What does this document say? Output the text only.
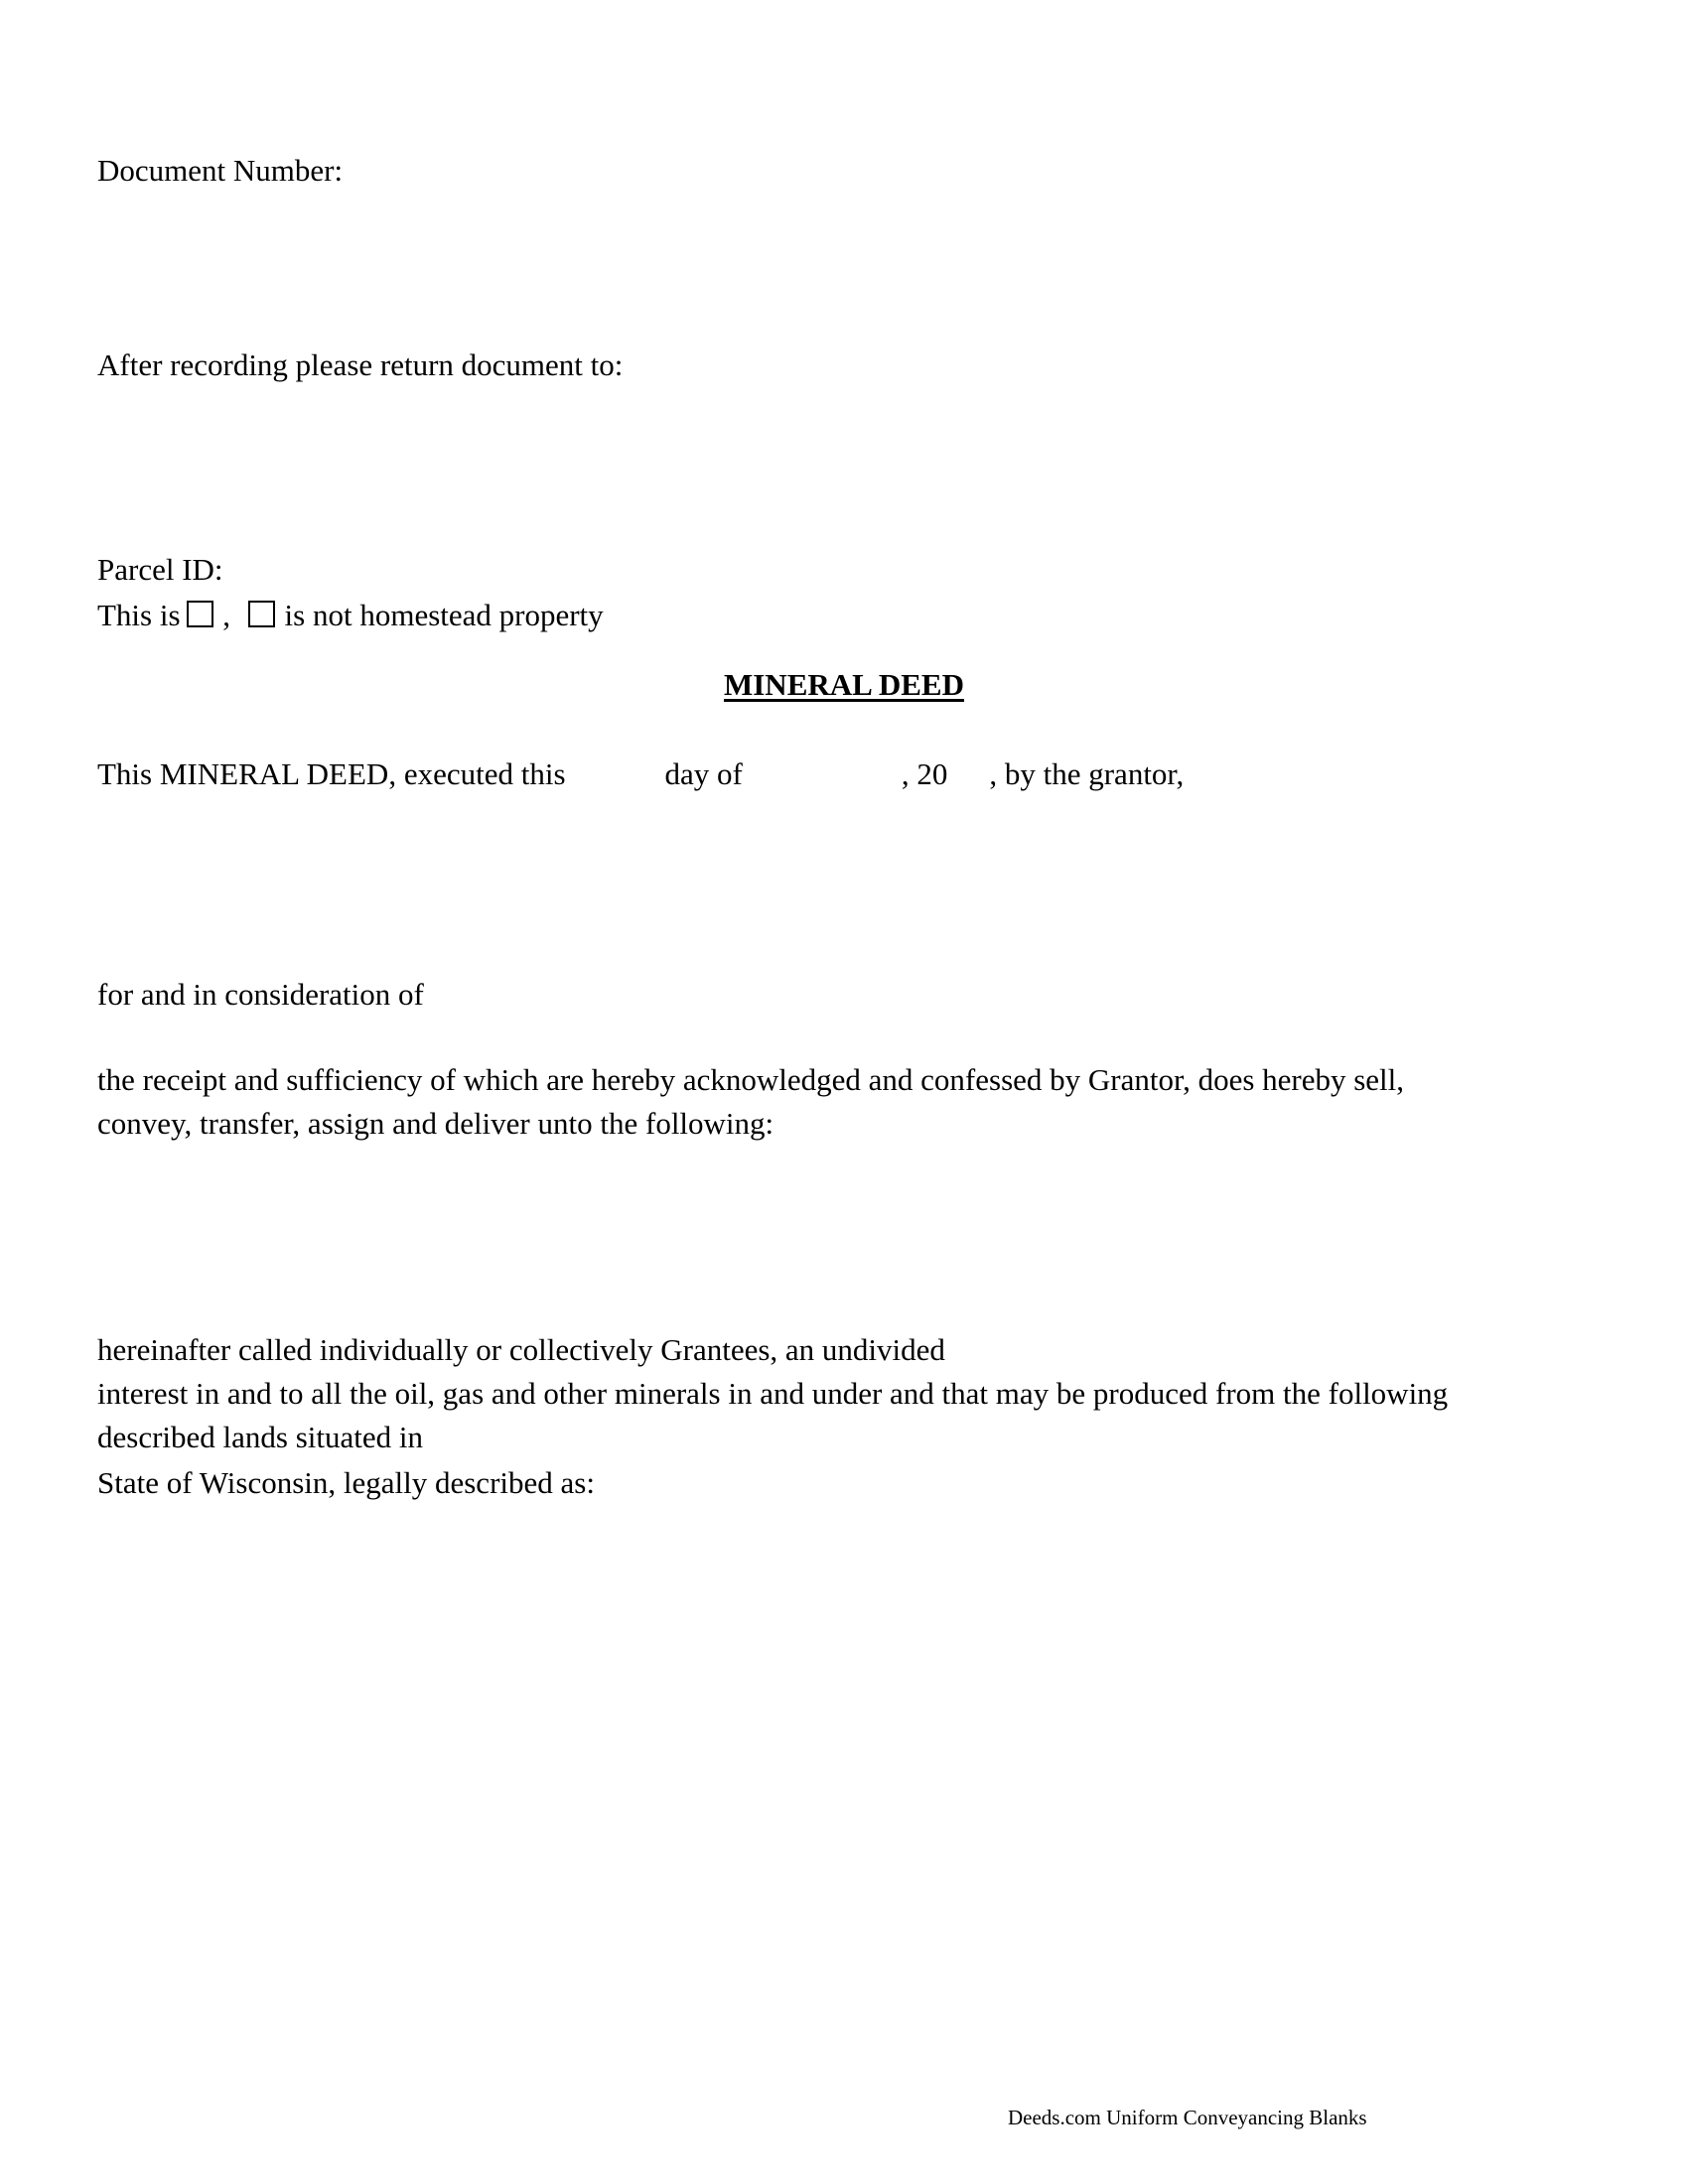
Document Number:
After recording please return document to:
Parcel ID:
This is , is not homestead property
MINERAL DEED
This MINERAL DEED, executed this	day of	, 20 , by the grantor,
for and in consideration of
the receipt and sufficiency of which are hereby acknowledged and confessed by Grantor, does hereby sell,
convey, transfer, assign and deliver unto the following:
hereinafter called individually or collectively Grantees, an undivided
interest in and to all the oil, gas and other minerals in and under and that may be produced from the following
described lands situated in
State of Wisconsin, legally described as:
Deeds.com Uniform Conveyancing Blanks
